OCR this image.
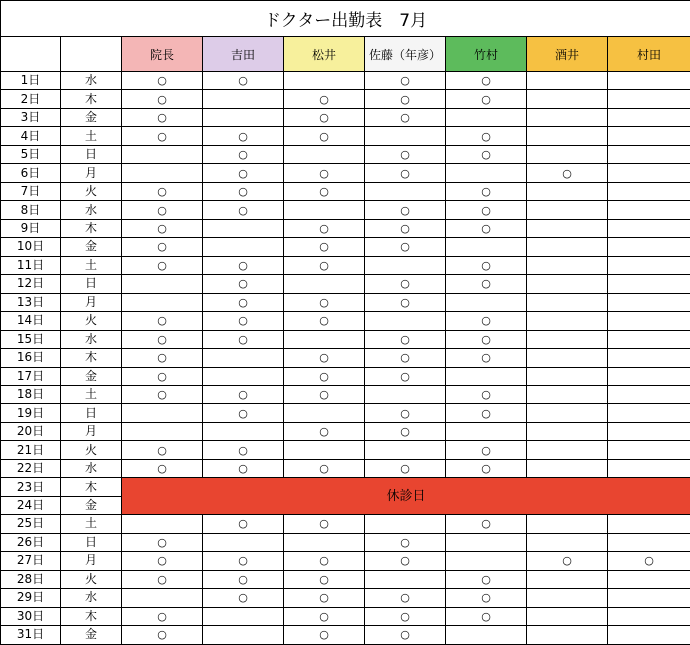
ドクター出勤表　7月								
		院長	吉田	松井	佐藤（年彦）	竹村	酒井	村田
1日	水	○	○		○	○		
2日	木	○		○	○	○		
3日	金	○		○	○			
4日	土	○	○	○		○		
5日	日		○		○	○		
6日	月		○	○	○		○	
7日	火	○	○	○		○		
8日	水	○	○		○	○		
9日	木	○		○	○	○		
10日	金	○		○	○			
11日	土	○	○	○		○		
12日	日		○		○	○		
13日	月		○	○	○			
14日	火	○	○	○		○		
15日	水	○	○		○	○		
16日	木	○		○	○	○		
17日	金	○		○	○			
18日	土	○	○	○		○		
19日	日		○		○	○		
20日	月			○	○			
21日	火	○	○			○		
22日	水	○	○	○	○	○		
23日	木	休診日						
24日	金							
25日	土		○	○		○		
26日	日	○			○			
27日	月	○	○	○	○		○	○
28日	火	○	○	○		○		
29日	水		○	○	○	○		
30日	木	○		○	○	○		
31日	金	○		○	○			
